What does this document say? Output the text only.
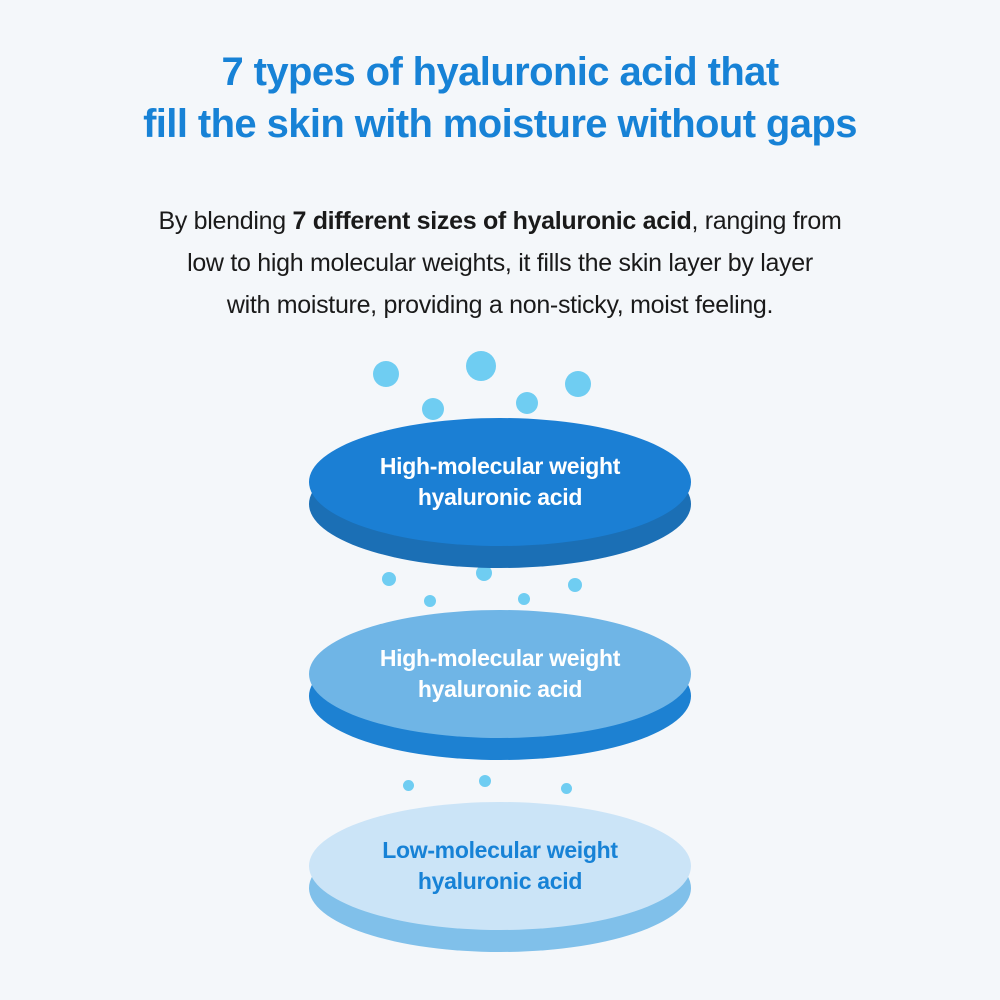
7 types of hyaluronic acid that
fill the skin with moisture without gaps
By blending 7 different sizes of hyaluronic acid, ranging from
low to high molecular weights, it fills the skin layer by layer
with moisture, providing a non-sticky, moist feeling.
High-molecular weight
hyaluronic acid
High-molecular weight
hyaluronic acid
Low-molecular weight
hyaluronic acid
